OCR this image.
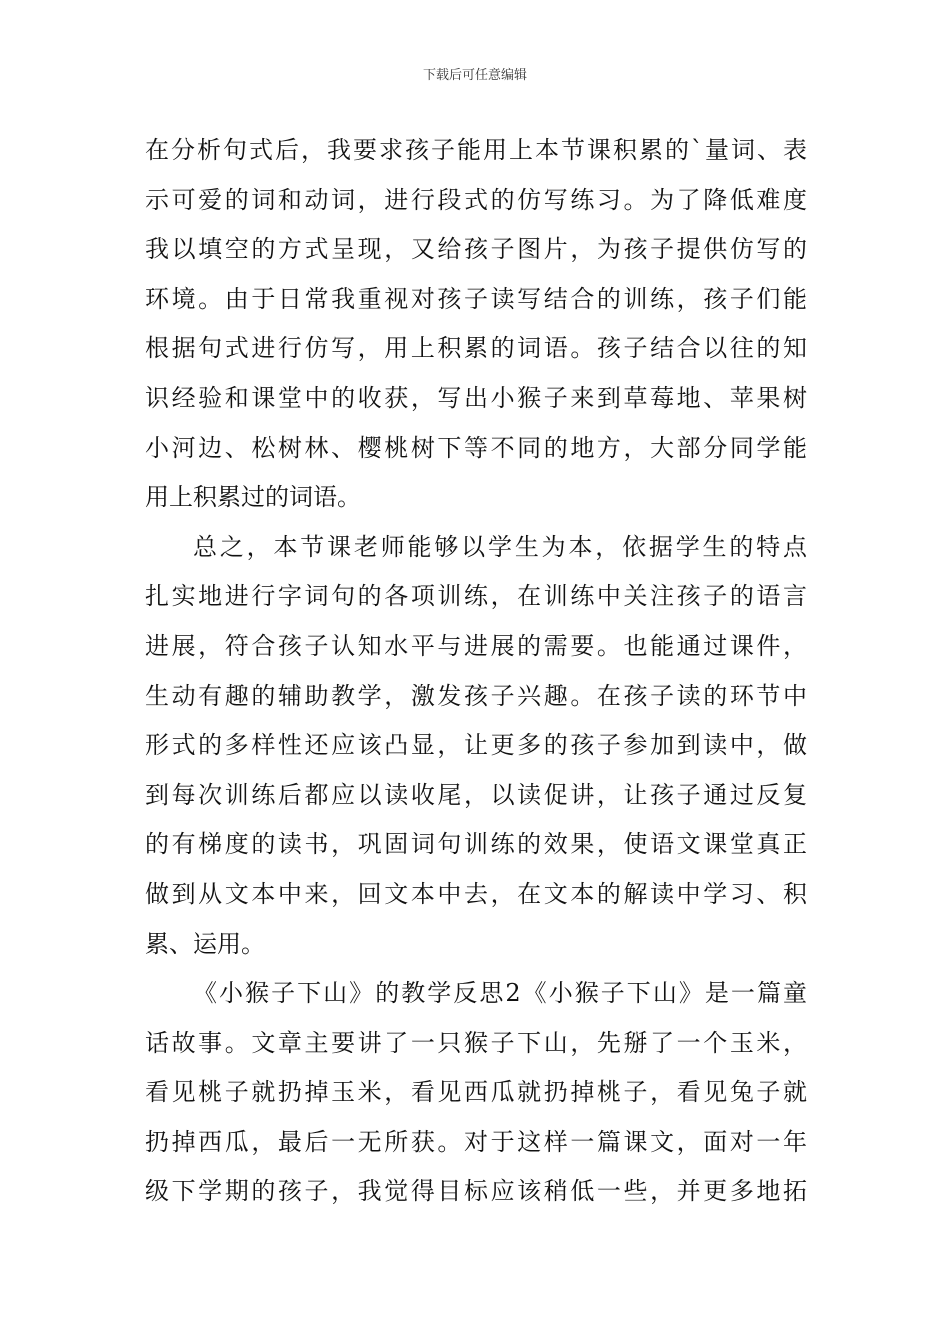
下载后可任意编辑
在分析句式后，我要求孩子能用上本节课积累的`量词、表
示可爱的词和动词，进行段式的仿写练习。为了降低难度
我以填空的方式呈现，又给孩子图片，为孩子提供仿写的
环境。由于日常我重视对孩子读写结合的训练，孩子们能
根据句式进行仿写，用上积累的词语。孩子结合以往的知
识经验和课堂中的收获，写出小猴子来到草莓地、苹果树
小河边、松树林、樱桃树下等不同的地方，大部分同学能
用上积累过的词语。
总之，本节课老师能够以学生为本，依据学生的特点
扎实地进行字词句的各项训练，在训练中关注孩子的语言
进展，符合孩子认知水平与进展的需要。也能通过课件，
生动有趣的辅助教学，激发孩子兴趣。在孩子读的环节中
形式的多样性还应该凸显，让更多的孩子参加到读中，做
到每次训练后都应以读收尾，以读促讲，让孩子通过反复
的有梯度的读书，巩固词句训练的效果，使语文课堂真正
做到从文本中来，回文本中去，在文本的解读中学习、积
累、运用。
《小猴子下山》的教学反思2《小猴子下山》是一篇童
话故事。文章主要讲了一只猴子下山，先掰了一个玉米，
看见桃子就扔掉玉米，看见西瓜就扔掉桃子，看见兔子就
扔掉西瓜，最后一无所获。对于这样一篇课文，面对一年
级下学期的孩子，我觉得目标应该稍低一些，并更多地拓
